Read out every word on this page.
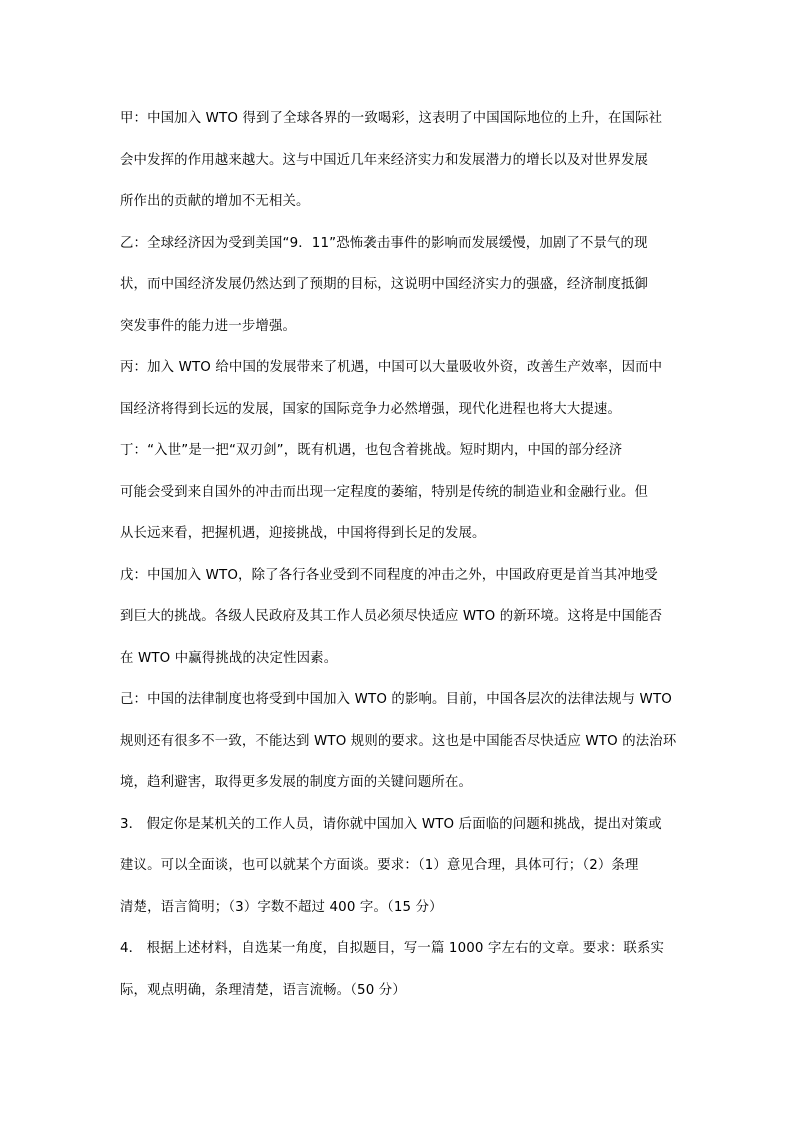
甲：中国加入 WTO 得到了全球各界的一致喝彩，这表明了中国国际地位的上升，在国际社
会中发挥的作用越来越大。这与中国近几年来经济实力和发展潜力的增长以及对世界发展
所作出的贡献的增加不无相关。
乙：全球经济因为受到美国“9．11”恐怖袭击事件的影响而发展缓慢，加剧了不景气的现
状，而中国经济发展仍然达到了预期的目标，这说明中国经济实力的强盛，经济制度抵御
突发事件的能力进一步增强。
丙：加入 WTO 给中国的发展带来了机遇，中国可以大量吸收外资，改善生产效率，因而中
国经济将得到长远的发展，国家的国际竞争力必然增强，现代化进程也将大大提速。
丁：“入世”是一把“双刃剑”，既有机遇，也包含着挑战。短时期内，中国的部分经济
可能会受到来自国外的冲击而出现一定程度的萎缩，特别是传统的制造业和金融行业。但
从长远来看，把握机遇，迎接挑战，中国将得到长足的发展。
戊：中国加入 WTO，除了各行各业受到不同程度的冲击之外，中国政府更是首当其冲地受
到巨大的挑战。各级人民政府及其工作人员必须尽快适应 WTO 的新环境。这将是中国能否
在 WTO 中赢得挑战的决定性因素。
己：中国的法律制度也将受到中国加入 WTO 的影响。目前，中国各层次的法律法规与 WTO
规则还有很多不一致，不能达到 WTO 规则的要求。这也是中国能否尽快适应 WTO 的法治环
境，趋利避害，取得更多发展的制度方面的关键问题所在。
3． 假定你是某机关的工作人员，请你就中国加入 WTO 后面临的问题和挑战，提出对策或
建议。可以全面谈，也可以就某个方面谈。要求：（1）意见合理，具体可行；（2）条理
清楚，语言简明；（3）字数不超过 400 字。（15 分）
4． 根据上述材料，自选某一角度，自拟题目，写一篇 1000 字左右的文章。要求：联系实
际，观点明确，条理清楚，语言流畅。（50 分）
